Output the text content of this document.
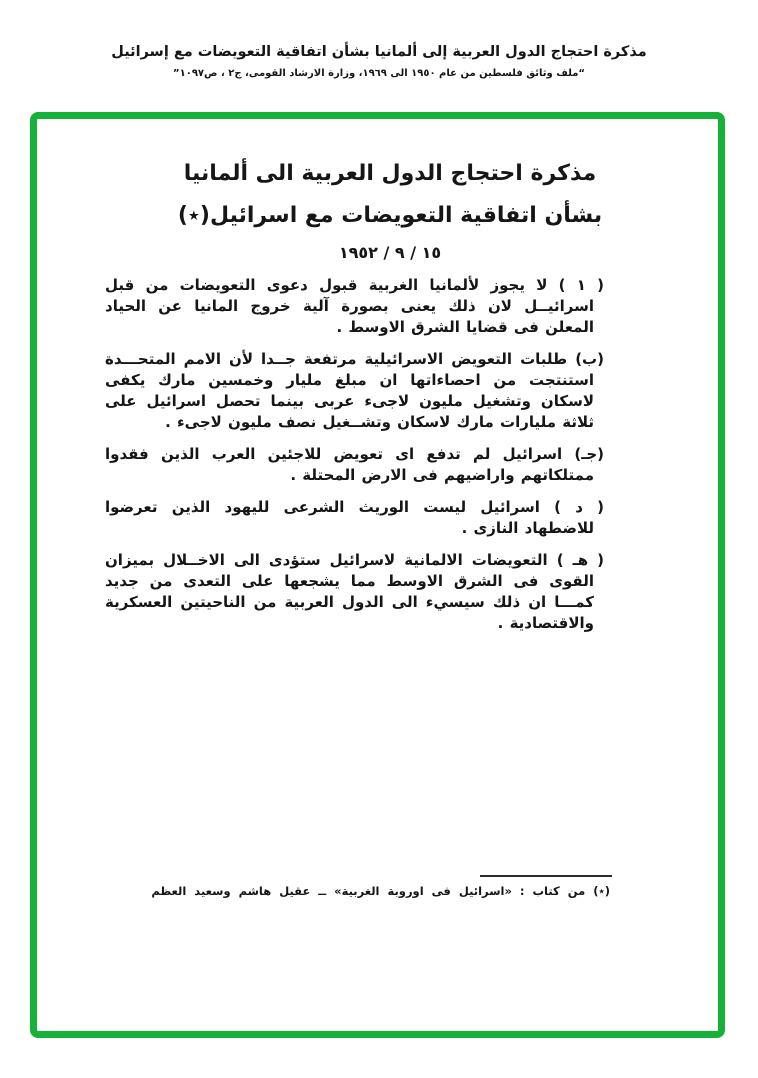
مذكرة احتجاج الدول العربية إلى ألمانيا بشأن اتفاقية التعويضات مع إسرائيل
“ملف وثائق فلسطين من عام ١٩٥٠ الى ١٩٦٩، وزارة الارشاد القومى، ج٢ ، ص١٠٩٧”
مذكرة احتجاج الدول العربية الى ألمانيا
بشأن اتفاقية التعويضات مع اسرائيل(٭)
١٥ / ٩ / ١٩٥٢

( ١ ) لا يجوز لألمانيا الغربية قبول دعوى التعويضات من قبل اسرائيــل لان ذلك يعنى بصورة آلية خروج المانيا عن الحياد المعلن فى قضايا الشرق الاوسط .

(ب) طلبات التعويض الاسرائيلية مرتفعة جــدا لأن الامم المتحـــدة استنتجت من احصاءاتها ان مبلغ مليار وخمسين مارك يكفى لاسكان وتشغيل مليون لاجىء عربى بينما تحصل اسرائيل على ثلاثة مليارات مارك لاسكان وتشــغيل نصف مليون لاجىء .

(جـ) اسرائيل لم تدفع اى تعويض للاجئين العرب الذين فقدوا ممتلكاتهم واراضيهم فى الارض المحتلة .

( د ) اسرائيل ليست الوريث الشرعى لليهود الذين تعرضوا للاضطهاد النازى .

( هـ ) التعويضات الالمانية لاسرائيل ستؤدى الى الاخــلال بميزان القوى فى الشرق الاوسط مما يشجعها على التعدى من جديد كمـــا ان ذلك سيسيء الى الدول العربية من الناحيتين العسكرية والاقتصادية .

(٭) من كتاب : «اسرائيل فى اوروبة الغربية» ــ عقيل هاشم وسعيد العظم
